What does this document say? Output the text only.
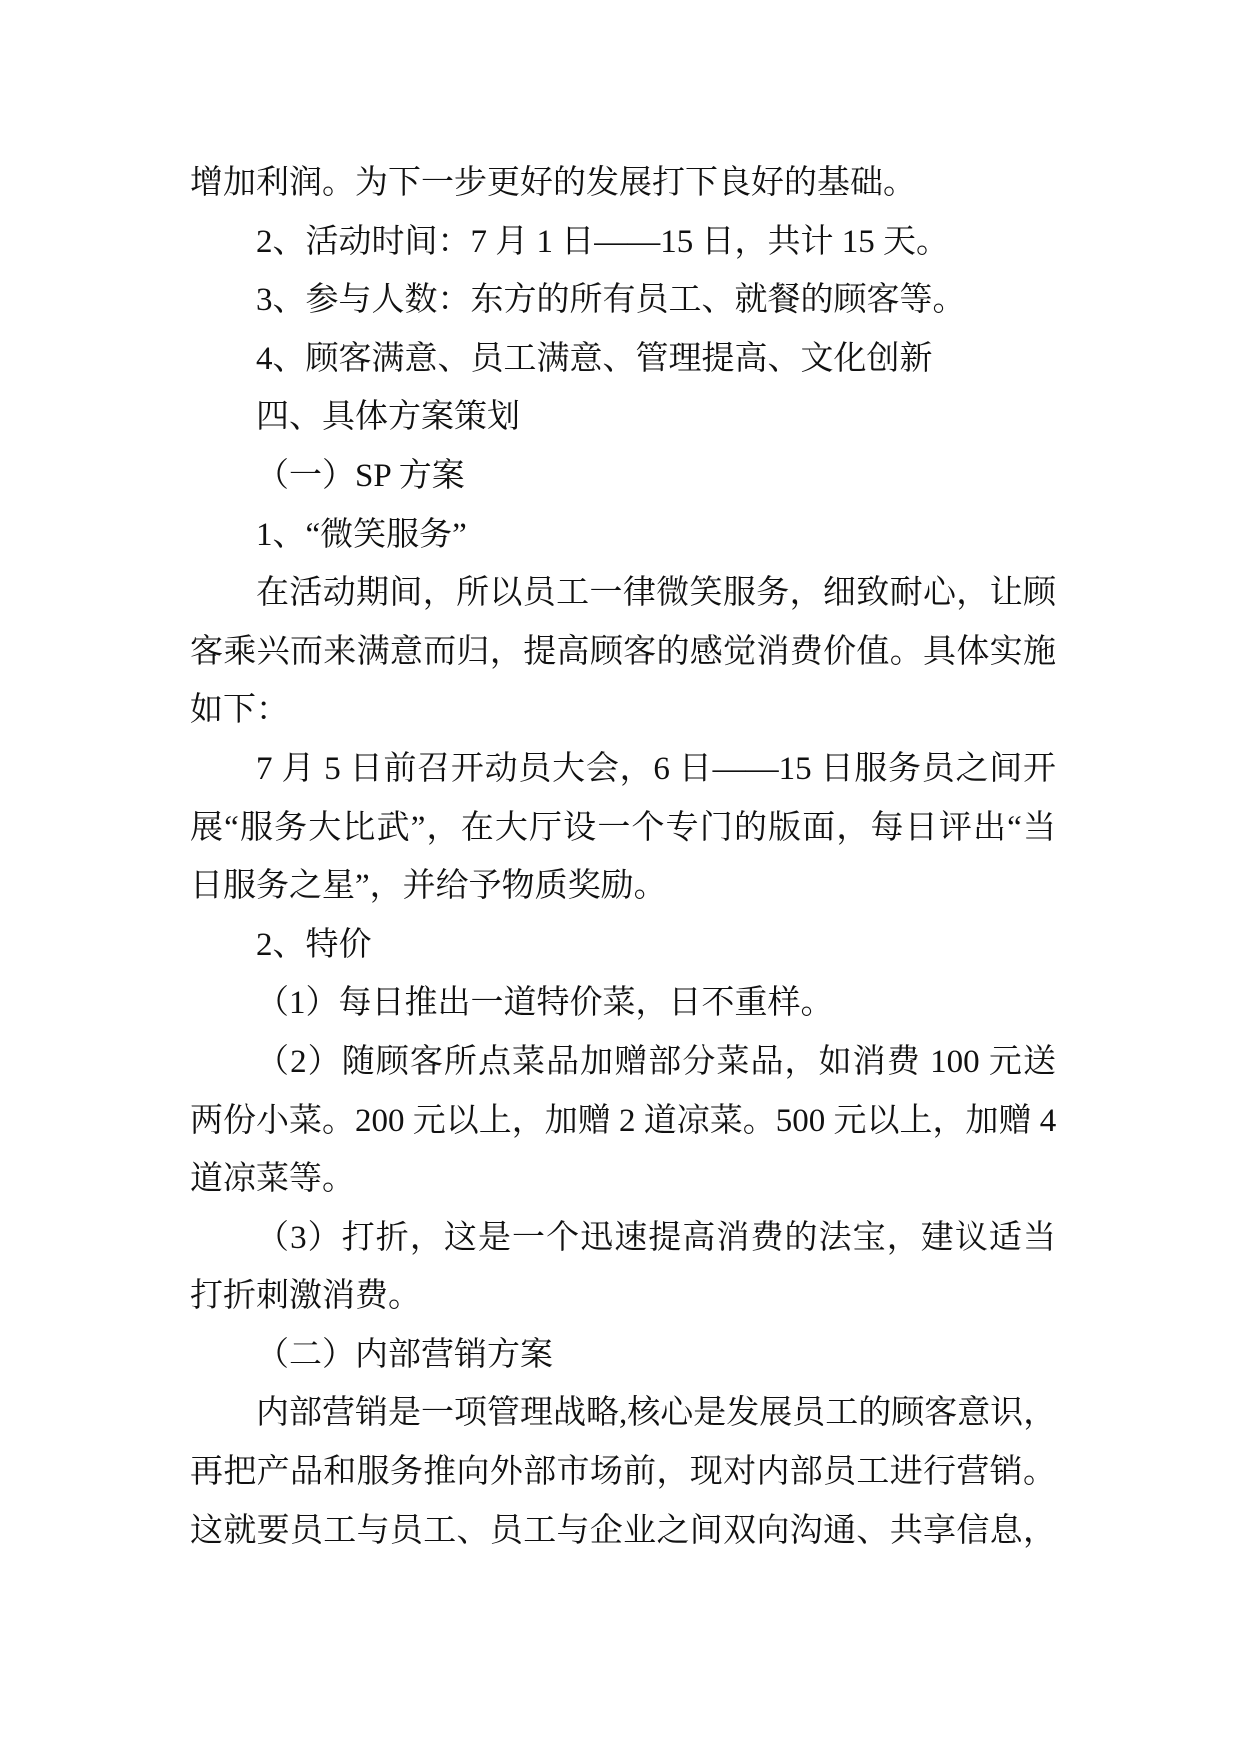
增加利润。为下一步更好的发展打下良好的基础。
2、活动时间：7 月 1 日——15 日，共计 15 天。
3、参与人数：东方的所有员工、就餐的顾客等。
4、顾客满意、员工满意、管理提高、文化创新
四、具体方案策划
（一）SP 方案
1、“微笑服务”
在活动期间，所以员工一律微笑服务，细致耐心，让顾
客乘兴而来满意而归，提高顾客的感觉消费价值。具体实施
如下：
7 月 5 日前召开动员大会，6 日——15 日服务员之间开
展“服务大比武”，在大厅设一个专门的版面，每日评出“当
日服务之星”，并给予物质奖励。
2、特价
（1）每日推出一道特价菜，日不重样。
（2）随顾客所点菜品加赠部分菜品，如消费 100 元送
两份小菜。200 元以上，加赠 2 道凉菜。500 元以上，加赠 4
道凉菜等。
（3）打折，这是一个迅速提高消费的法宝，建议适当
打折刺激消费。
（二）内部营销方案
内部营销是一项管理战略,核心是发展员工的顾客意识，
再把产品和服务推向外部市场前，现对内部员工进行营销。
这就要员工与员工、员工与企业之间双向沟通、共享信息，
